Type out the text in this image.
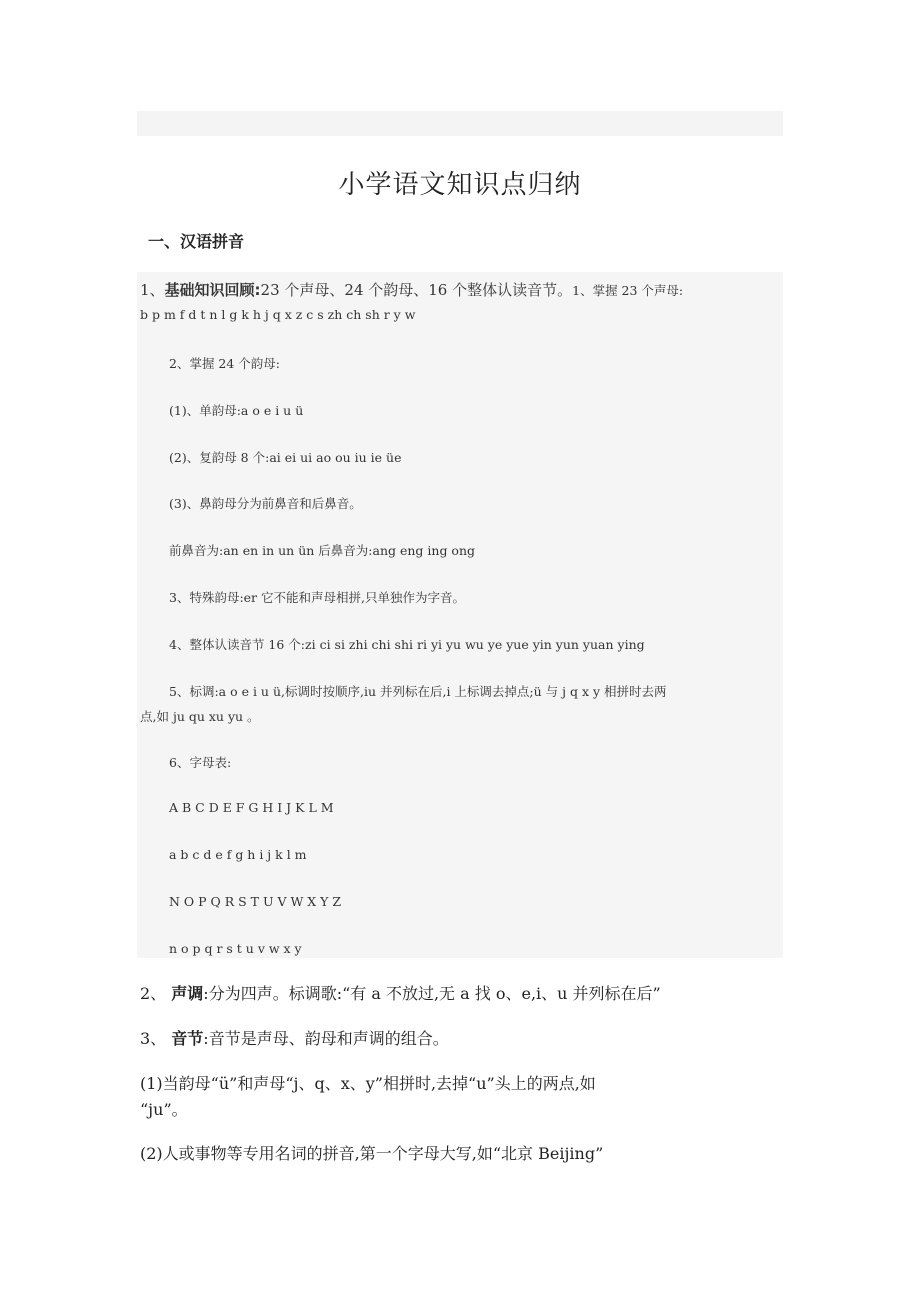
小学语文知识点归纳
一、汉语拼音
1、基础知识回顾:23 个声母、24 个韵母、16 个整体认读音节。1、掌握 23 个声母:
b p m f d t n l g k h j q x z c s zh ch sh r y w
2、掌握 24 个韵母:
(1)、单韵母:a o e i u ü
(2)、复韵母 8 个:ai ei ui ao ou iu ie üe
(3)、鼻韵母分为前鼻音和后鼻音。
前鼻音为:an en in un ün 后鼻音为:ang eng ing ong
3、特殊韵母:er 它不能和声母相拼,只单独作为字音。
4、整体认读音节 16 个:zi ci si zhi chi shi ri yi yu wu ye yue yin yun yuan ying
5、标调:a o e i u ü,标调时按顺序,iu 并列标在后,i 上标调去掉点;ü 与 j q x y 相拼时去两
点,如 ju qu xu yu 。
6、字母表:
A B C D E F G H I J K L M
a b c d e f g h i j k l m
N O P Q R S T U V W X Y Z
n o p q r s t u v w x y
2、 声调:分为四声。标调歌:“有 a 不放过,无 a 找 o、e,i、u 并列标在后”
3、 音节:音节是声母、韵母和声调的组合。
(1)当韵母“ü”和声母“j、q、x、y”相拼时,去掉“u”头上的两点,如
“ju”。
(2)人或事物等专用名词的拼音,第一个字母大写,如“北京 Beijing”
